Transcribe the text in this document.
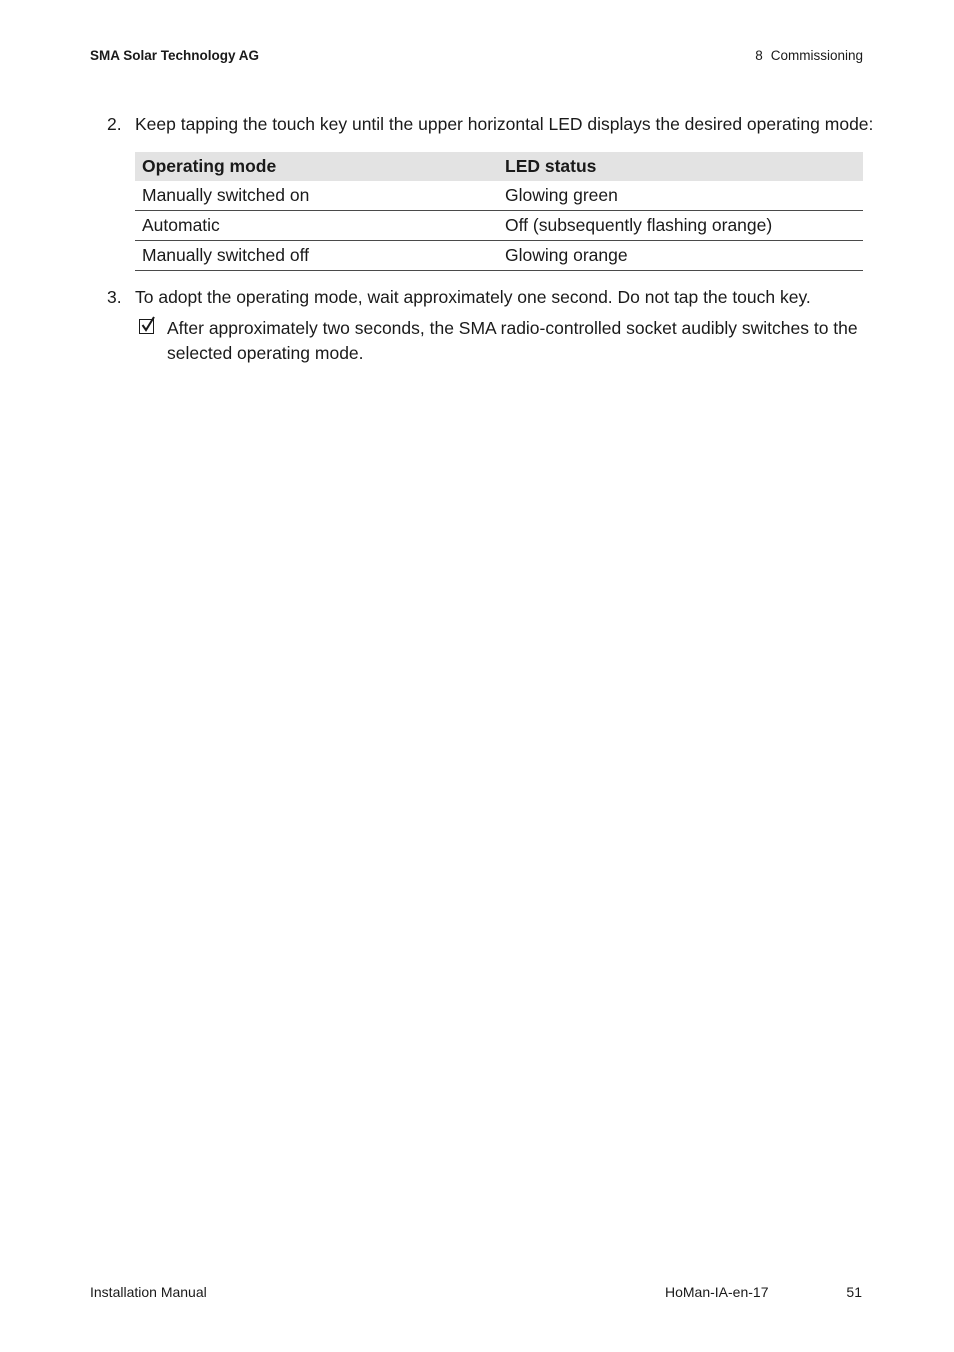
SMA Solar Technology AG	8 Commissioning
2. Keep tapping the touch key until the upper horizontal LED displays the desired operating mode:
Operating mode	LED status
Manually switched on	Glowing green
Automatic	Off (subsequently flashing orange)
Manually switched off	Glowing orange
3. To adopt the operating mode, wait approximately one second. Do not tap the touch key.
After approximately two seconds, the SMA radio-controlled socket audibly switches to the selected operating mode.
Installation Manual	HoMan-IA-en-17	51
